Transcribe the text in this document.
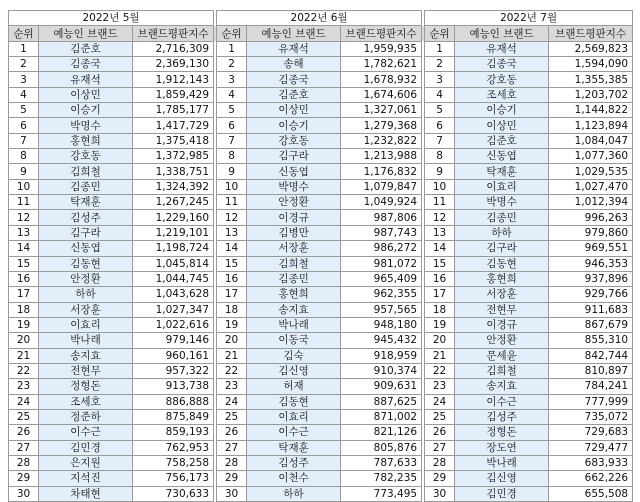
2022년 5월				2022년 6월				2022년 7월		
순위	예능인 브랜드	브랜드평판지수		순위	예능인 브랜드	브랜드평판지수		순위	예능인 브랜드	브랜드평판지수
1	김준호	2,716,309		1	유재석	1,959,935		1	유재석	2,569,823
2	김종국	2,369,130		2	송해	1,782,621		2	김종국	1,594,090
3	유재석	1,912,143		3	김종국	1,678,932		3	강호동	1,355,385
4	이상민	1,859,429		4	김준호	1,674,606		4	조세호	1,203,702
5	이승기	1,785,177		5	이상민	1,327,061		5	이승기	1,144,822
6	박명수	1,417,729		6	이승기	1,279,368		6	이상민	1,123,894
7	홍현희	1,375,418		7	강호동	1,232,822		7	김준호	1,084,047
8	강호동	1,372,985		8	김구라	1,213,988		8	신동엽	1,077,360
9	김희철	1,338,751		9	신동엽	1,176,832		9	탁재훈	1,029,535
10	김종민	1,324,392		10	박명수	1,079,847		10	이효리	1,027,470
11	탁재훈	1,267,245		11	안정환	1,049,924		11	박명수	1,012,394
12	김성주	1,229,160		12	이경규	987,806		12	김종민	996,263
13	김구라	1,219,101		13	김병만	987,743		13	하하	979,860
14	신동엽	1,198,724		14	서장훈	986,272		14	김구라	969,551
15	김동현	1,045,814		15	김희철	981,072		15	김동현	946,353
16	안정환	1,044,745		16	김종민	965,409		16	홍현희	937,896
17	하하	1,043,628		17	홍현희	962,355		17	서장훈	929,766
18	서장훈	1,027,347		18	송지효	957,565		18	전현무	911,683
19	이효리	1,022,616		19	박나래	948,180		19	이경규	867,679
20	박나래	979,146		20	이동국	945,432		20	안정환	855,310
21	송지효	960,161		21	김숙	918,959		21	문세윤	842,744
22	전현무	957,322		22	김신영	910,374		22	김희철	810,897
23	정형돈	913,738		23	허재	909,631		23	송지효	784,241
24	조세호	886,888		24	김동현	887,625		24	이수근	777,999
25	정준하	875,849		25	이효리	871,002		25	김성주	735,072
26	이수근	859,193		26	이수근	821,126		26	정형돈	729,683
27	김민경	762,953		27	탁재훈	805,876		27	장도연	729,477
28	은지원	758,258		28	김성주	787,633		28	박나래	683,933
29	지석진	756,173		29	이천수	782,235		29	김신영	662,226
30	차태현	730,633		30	하하	773,495		30	김민경	655,508
